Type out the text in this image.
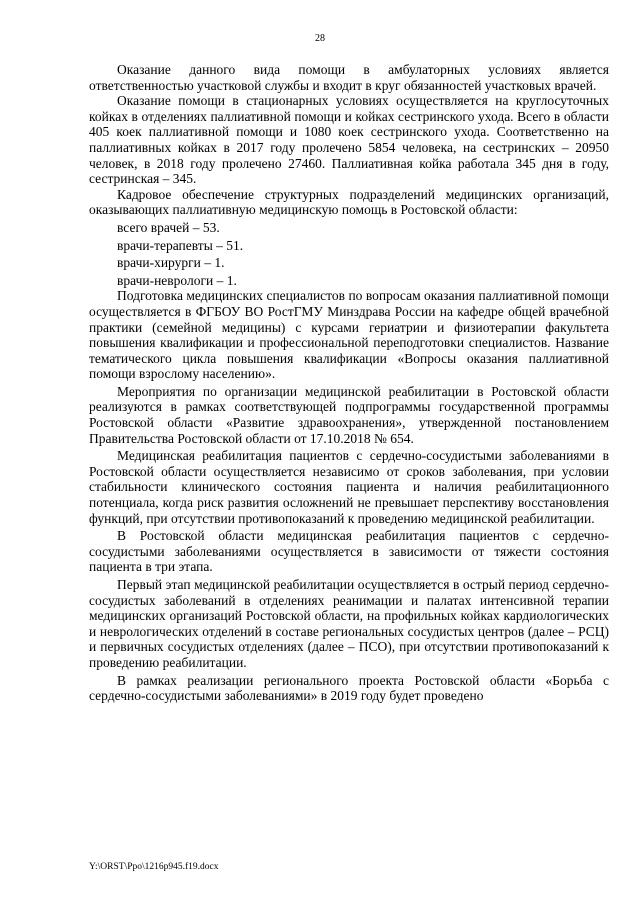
28

Оказание данного вида помощи в амбулаторных условиях является ответственностью участковой службы и входит в круг обязанностей участковых врачей.

Оказание помощи в стационарных условиях осуществляется на круглосуточных койках в отделениях паллиативной помощи и койках сестринского ухода. Всего в области 405 коек паллиативной помощи и 1080 коек сестринского ухода. Соответственно на паллиативных койках в 2017 году пролечено 5854 человека, на сестринских – 20950 человек, в 2018 году пролечено 27460. Паллиативная койка работала 345 дня в году, сестринская – 345.

Кадровое обеспечение структурных подразделений медицинских организаций, оказывающих паллиативную медицинскую помощь в Ростовской области:

всего врачей – 53.

врачи-терапевты – 51.

врачи-хирурги – 1.

врачи-неврологи – 1.

Подготовка медицинских специалистов по вопросам оказания паллиативной помощи осуществляется в ФГБОУ ВО РостГМУ Минздрава России на кафедре общей врачебной практики (семейной медицины) с курсами гериатрии и физиотерапии факультета повышения квалификации и профессиональной переподготовки специалистов. Название тематического цикла повышения квалификации «Вопросы оказания паллиативной помощи взрослому населению».

Мероприятия по организации медицинской реабилитации в Ростовской области реализуются в рамках соответствующей подпрограммы государственной программы Ростовской области «Развитие здравоохранения», утвержденной постановлением Правительства Ростовской области от 17.10.2018 № 654.

Медицинская реабилитация пациентов с сердечно-сосудистыми заболеваниями в Ростовской области осуществляется независимо от сроков заболевания, при условии стабильности клинического состояния пациента и наличия реабилитационного потенциала, когда риск развития осложнений не превышает перспективу восстановления функций, при отсутствии противопоказаний к проведению медицинской реабилитации.

В Ростовской области медицинская реабилитация пациентов с сердечно-сосудистыми заболеваниями осуществляется в зависимости от тяжести состояния пациента в три этапа.

Первый этап медицинской реабилитации осуществляется в острый период сердечно-сосудистых заболеваний в отделениях реанимации и палатах интенсивной терапии медицинских организаций Ростовской области, на профильных койках кардиологических и неврологических отделений в составе региональных сосудистых центров (далее – РСЦ) и первичных сосудистых отделениях (далее – ПСО), при отсутствии противопоказаний к проведению реабилитации.

В рамках реализации регионального проекта Ростовской области «Борьба с сердечно-сосудистыми заболеваниями» в 2019 году будет проведено

Y:\ORST\Ppo\1216p945.f19.docx
